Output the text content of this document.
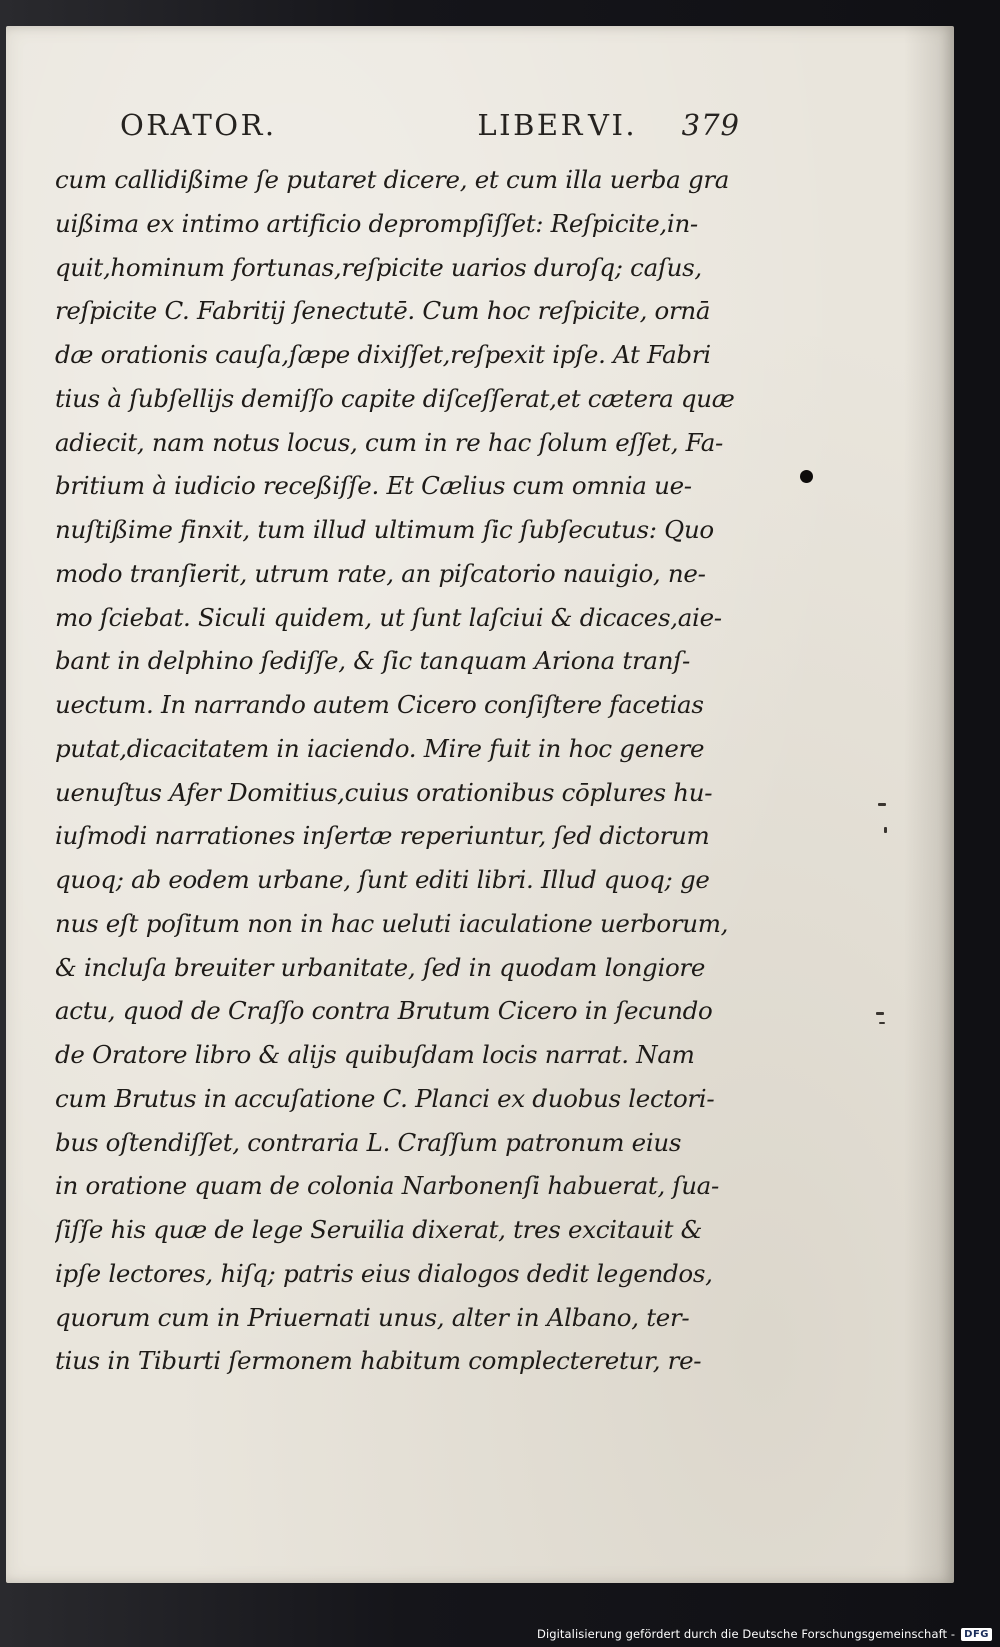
ORATOR.	LIBER VI.	379
cum callidißime ſe putaret dicere, et cum illa uerba gra
uißima ex intimo artificio deprompſiſſet: Reſpicite,in-
quit,hominum fortunas,reſpicite uarios duroſq; caſus,
reſpicite C. Fabritij ſenectutē. Cum hoc reſpicite, ornā
dæ orationis cauſa,ſæpe dixiſſet,reſpexit ipſe. At Fabri
tius à ſubſellijs demiſſo capite diſceſſerat,et cætera quæ
adiecit, nam notus locus, cum in re hac ſolum eſſet, Fa-
britium à iudicio receßiſſe. Et Cælius cum omnia ue-
nuſtißime finxit, tum illud ultimum ſic ſubſecutus: Quo
modo tranſierit, utrum rate, an piſcatorio nauigio, ne-
mo ſciebat. Siculi quidem, ut ſunt laſciui & dicaces,aie-
bant in delphino ſediſſe, & ſic tanquam Ariona tranſ-
uectum. In narrando autem Cicero conſiſtere facetias
putat,dicacitatem in iaciendo. Mire fuit in hoc genere
uenuſtus Afer Domitius,cuius orationibus cōplures hu-
iuſmodi narrationes inſertæ reperiuntur, ſed dictorum
quoq; ab eodem urbane, ſunt editi libri. Illud quoq; ge
nus eſt poſitum non in hac ueluti iaculatione uerborum,
& incluſa breuiter urbanitate, ſed in quodam longiore
actu, quod de Craſſo contra Brutum Cicero in ſecundo
de Oratore libro & alijs quibuſdam locis narrat. Nam
cum Brutus in accuſatione C. Planci ex duobus lectori-
bus oſtendiſſet, contraria L. Craſſum patronum eius
in oratione quam de colonia Narbonenſi habuerat, ſua-
ſiſſe his quæ de lege Seruilia dixerat, tres excitauit &
ipſe lectores, hiſq; patris eius dialogos dedit legendos,
quorum cum in Priuernati unus, alter in Albano, ter-
tius in Tiburti ſermonem habitum complecteretur, re-
Digitalisierung gefördert durch die Deutsche Forschungsgemeinschaft - DFG
